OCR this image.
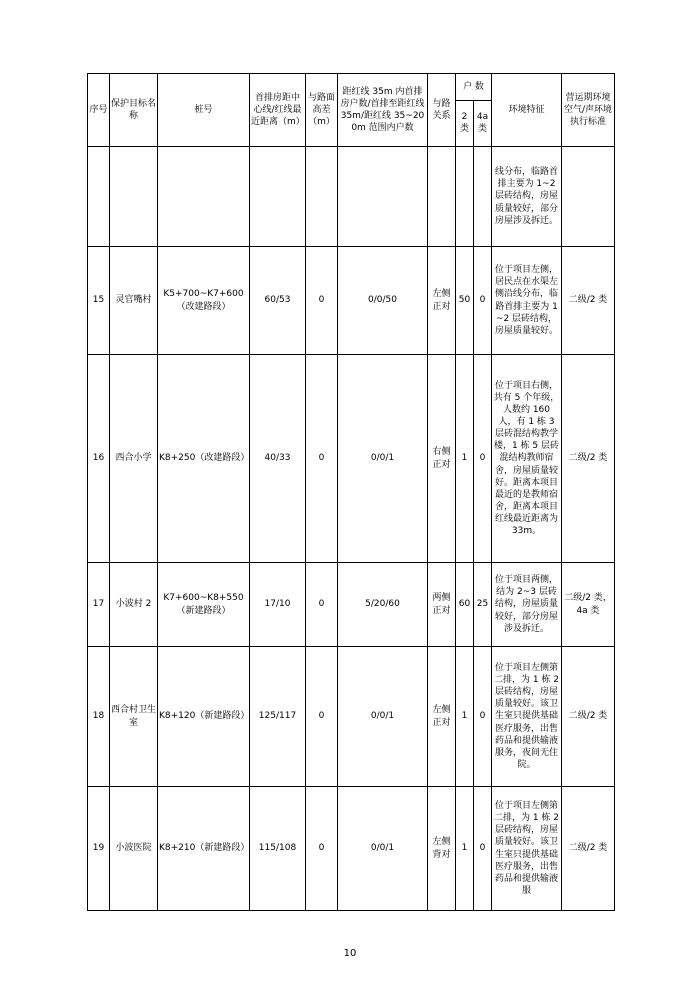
序号	保护目标名称	桩号	首排房距中心线/红线最近距离（m）	与路面高差（m）	距红线 35m 内首排房户数/首排至距红线 35m/距红线 35~200m 范围内户数	与路关系	户 数		环境特征	营运期环境空气/声环境执行标准
							2 类	4a 类		
									线分布，临路首排主要为 1~2 层砖结构，房屋质量较好，部分房屋涉及拆迁。	
15	灵官嘴村	K5+700~K7+600（改建路段）	60/53	0	0/0/50	左侧正对	50	0	位于项目左侧，居民点在水渠左侧沿线分布，临路首排主要为 1~2 层砖结构，房屋质量较好。	二级/2 类
16	西合小学	K8+250（改建路段）	40/33	0	0/0/1	右侧正对	1	0	位于项目右侧，共有 5 个年级，人数约 160 人，有 1 栋 3 层砖混结构教学楼，1 栋 5 层砖混结构教师宿舍，房屋质量较好。距离本项目最近的是教师宿舍，距离本项目红线最近距离为 33m。	二级/2 类
17	小波村 2	K7+600~K8+550（新建路段）	17/10	0	5/20/60	两侧正对	60	25	位于项目两侧，结为 2~3 层砖结构，房屋质量较好，部分房屋涉及拆迁。	二级/2 类，4a 类
18	西合村卫生室	K8+120（新建路段）	125/117	0	0/0/1	左侧正对	1	0	位于项目左侧第二排，为 1 栋 2 层砖结构，房屋质量较好。该卫生室只提供基础医疗服务，出售药品和提供输液服务，夜间无住院。	二级/2 类
19	小波医院	K8+210（新建路段）	115/108	0	0/0/1	左侧背对	1	0	位于项目左侧第二排，为 1 栋 2 层砖结构，房屋质量较好。该卫生室只提供基础医疗服务，出售药品和提供输液服	二级/2 类
10
